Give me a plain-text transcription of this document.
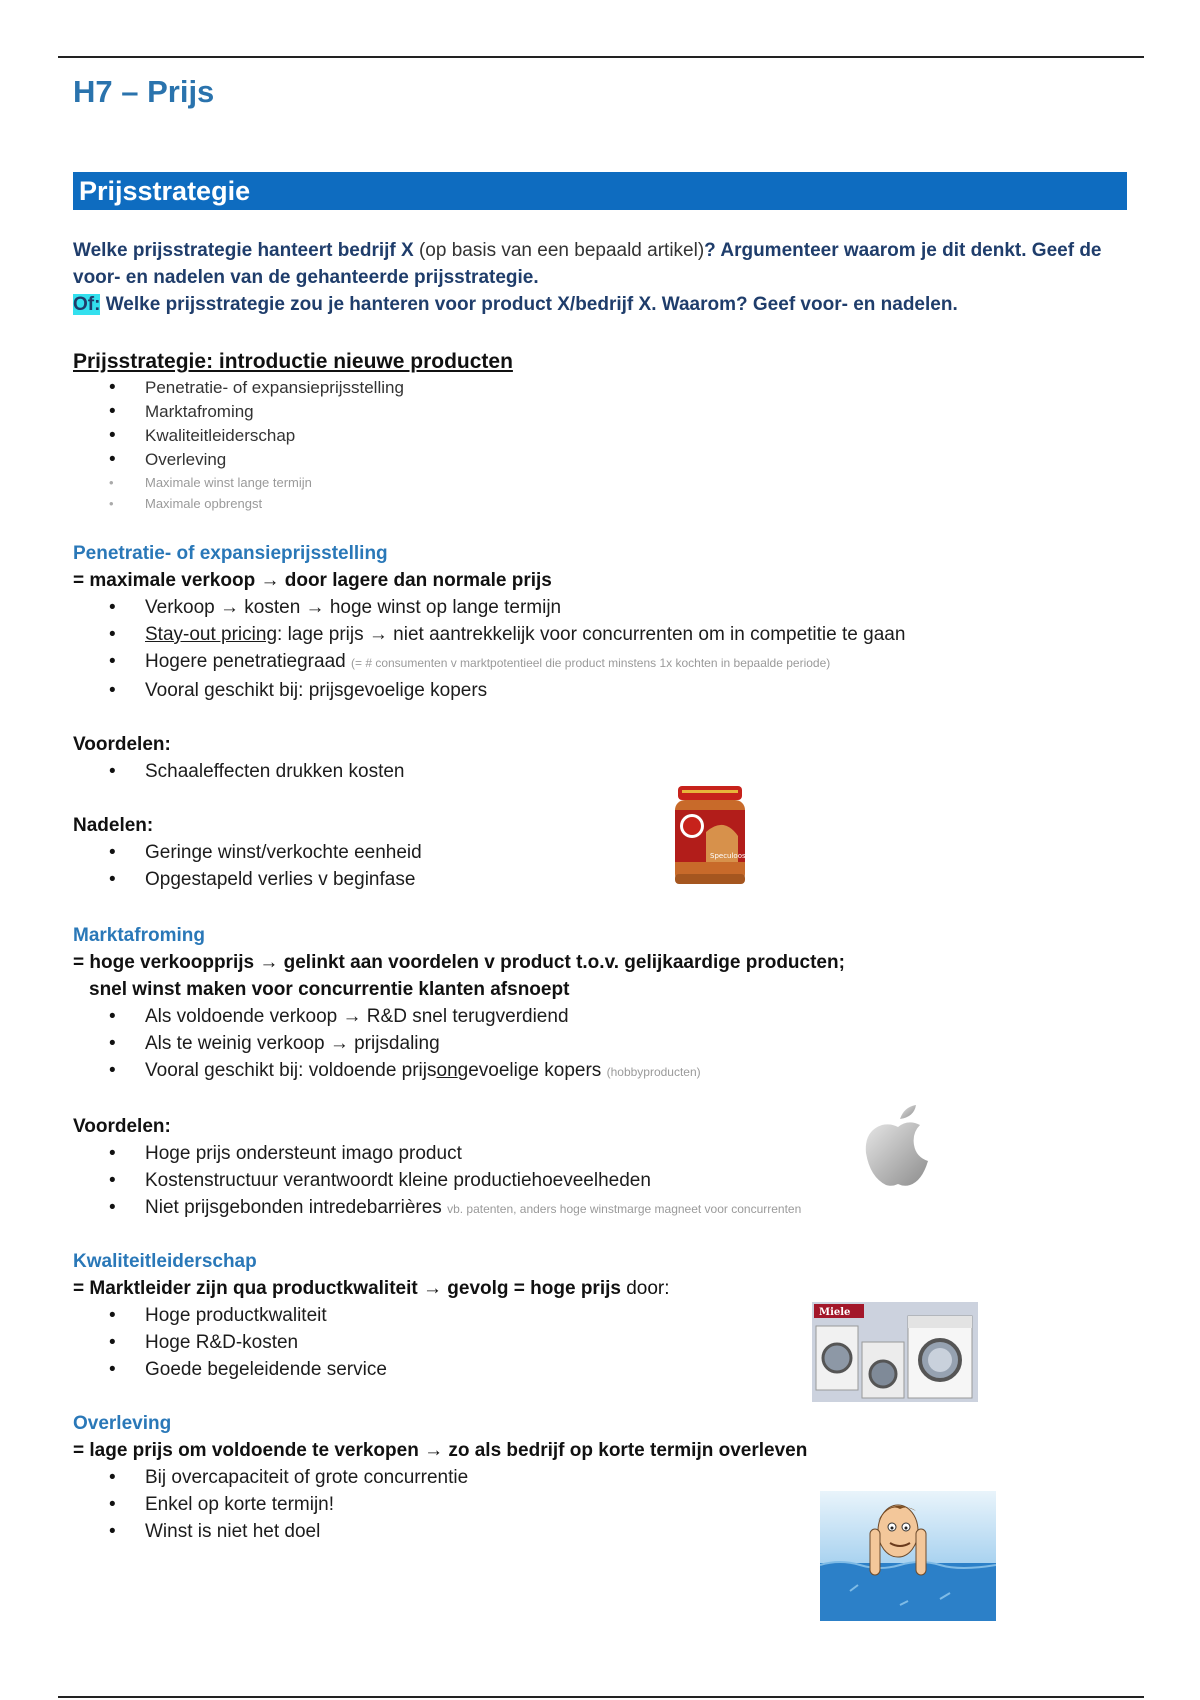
H7 – Prijs
Prijsstrategie

Welke prijsstrategie hanteert bedrijf X (op basis van een bepaald artikel)? Argumenteer waarom je dit denkt. Geef de voor- en nadelen van de gehanteerde prijsstrategie.
Of: Welke prijsstrategie zou je hanteren voor product X/bedrijf X. Waarom? Geef voor- en nadelen.

Prijsstrategie: introductie nieuwe producten

• Penetratie- of expansieprijsstelling
• Marktafroming
• Kwaliteitleiderschap
• Overleving
• Maximale winst lange termijn
• Maximale opbrengst

Penetratie- of expansieprijsstelling

= maximale verkoop → door lagere dan normale prijs

• Verkoop → kosten → hoge winst op lange termijn
• Stay-out pricing: lage prijs → niet aantrekkelijk voor concurrenten om in competitie te gaan
• Hogere penetratiegraad (= # consumenten v marktpotentieel die product minstens 1x kochten in bepaalde periode)
• Vooral geschikt bij: prijsgevoelige kopers

Voordelen:

• Schaaleffecten drukken kosten

Nadelen:

• Geringe winst/verkochte eenheid
• Opgestapeld verlies v beginfase
Speculoos

Marktafroming

= hoge verkoopprijs → gelinkt aan voordelen v product t.o.v. gelijkaardige producten;

snel winst maken voor concurrentie klanten afsnoept

• Als voldoende verkoop → R&D snel terugverdiend
• Als te weinig verkoop → prijsdaling
• Vooral geschikt bij: voldoende prijsongevoelige kopers (hobbyproducten)

Voordelen:

• Hoge prijs ondersteunt imago product
• Kostenstructuur verantwoordt kleine productiehoeveelheden
• Niet prijsgebonden intredebarrières vb. patenten, anders hoge winstmarge magneet voor concurrenten

Kwaliteitleiderschap

= Marktleider zijn qua productkwaliteit → gevolg = hoge prijs door:

• Hoge productkwaliteit
• Hoge R&D-kosten
• Goede begeleidende service
Miele

Overleving

= lage prijs om voldoende te verkopen → zo als bedrijf op korte termijn overleven

• Bij overcapaciteit of grote concurrentie
• Enkel op korte termijn!
• Winst is niet het doel
